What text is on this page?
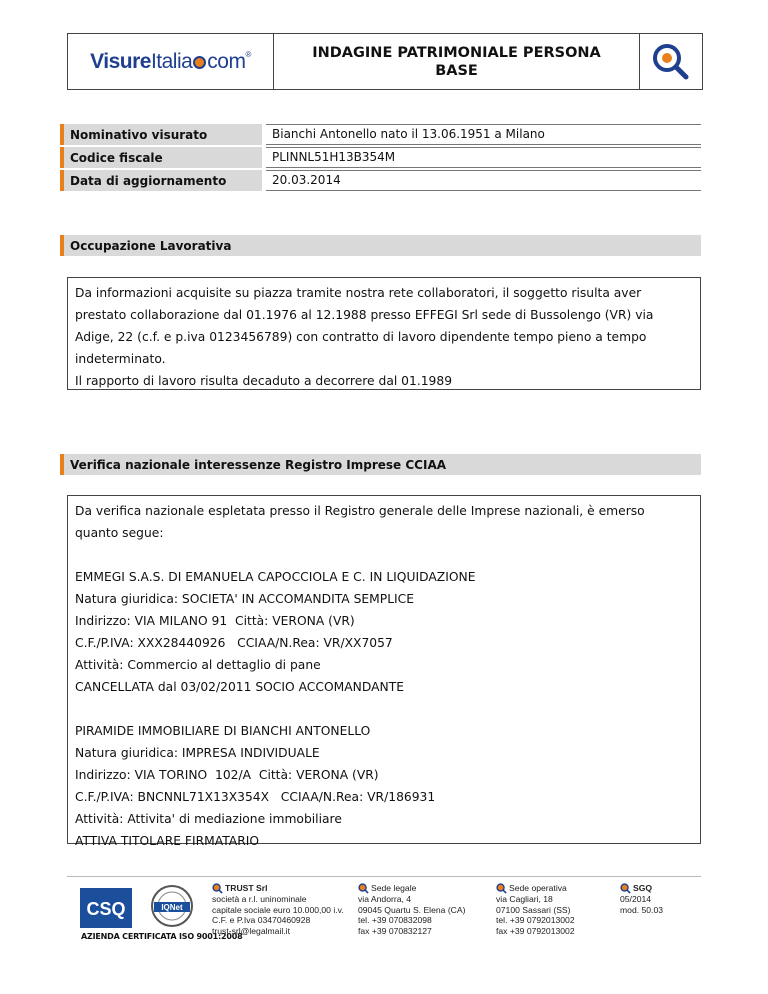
VisureItalia com®	INDAGINE PATRIMONIALE PERSONA BASE
Nominativo visurato	Bianchi Antonello nato il 13.06.1951 a Milano
Codice fiscale	PLINNL51H13B354M
Data di aggiornamento	20.03.2014
Occupazione Lavorativa

Da informazioni acquisite su piazza tramite nostra rete collaboratori, il soggetto risulta aver

prestato collaborazione dal 01.1976 al 12.1988 presso EFFEGI Srl sede di Bussolengo (VR) via

Adige, 22 (c.f. e p.iva 0123456789) con contratto di lavoro dipendente tempo pieno a tempo

indeterminato.

Il rapporto di lavoro risulta decaduto a decorrere dal 01.1989

Verifica nazionale interessenze Registro Imprese CCIAA

Da verifica nazionale espletata presso il Registro generale delle Imprese nazionali, è emerso

quanto segue:

EMMEGI S.A.S. DI EMANUELA CAPOCCIOLA E C. IN LIQUIDAZIONE

Natura giuridica: SOCIETA' IN ACCOMANDITA SEMPLICE

Indirizzo: VIA MILANO 91  Città: VERONA (VR)

C.F./P.IVA: XXX28440926   CCIAA/N.Rea: VR/XX7057

Attività: Commercio al dettaglio di pane

CANCELLATA dal 03/02/2011 SOCIO ACCOMANDANTE

PIRAMIDE IMMOBILIARE DI BIANCHI ANTONELLO

Natura giuridica: IMPRESA INDIVIDUALE

Indirizzo: VIA TORINO  102/A  Città: VERONA (VR)

C.F./P.IVA: BNCNNL71X13X354X   CCIAA/N.Rea: VR/186931

Attività: Attivita' di mediazione immobiliare

ATTIVA TITOLARE FIRMATARIO

CSQ	IQNet
AZIENDA CERTIFICATA ISO 9001:2008
TRUST Srl
società a r.l. uninominale
capitale sociale euro 10.000,00 i.v.
C.F. e P.Iva 03470460928
trust-srl@legalmail.it
Sede legale
via Andorra, 4
09045 Quartu S. Elena (CA)
tel. +39 070832098
fax +39 070832127
Sede operativa
via Cagliari, 18
07100 Sassari (SS)
tel. +39 0792013002
fax +39 0792013002
SGQ
05/2014
mod. 50.03
